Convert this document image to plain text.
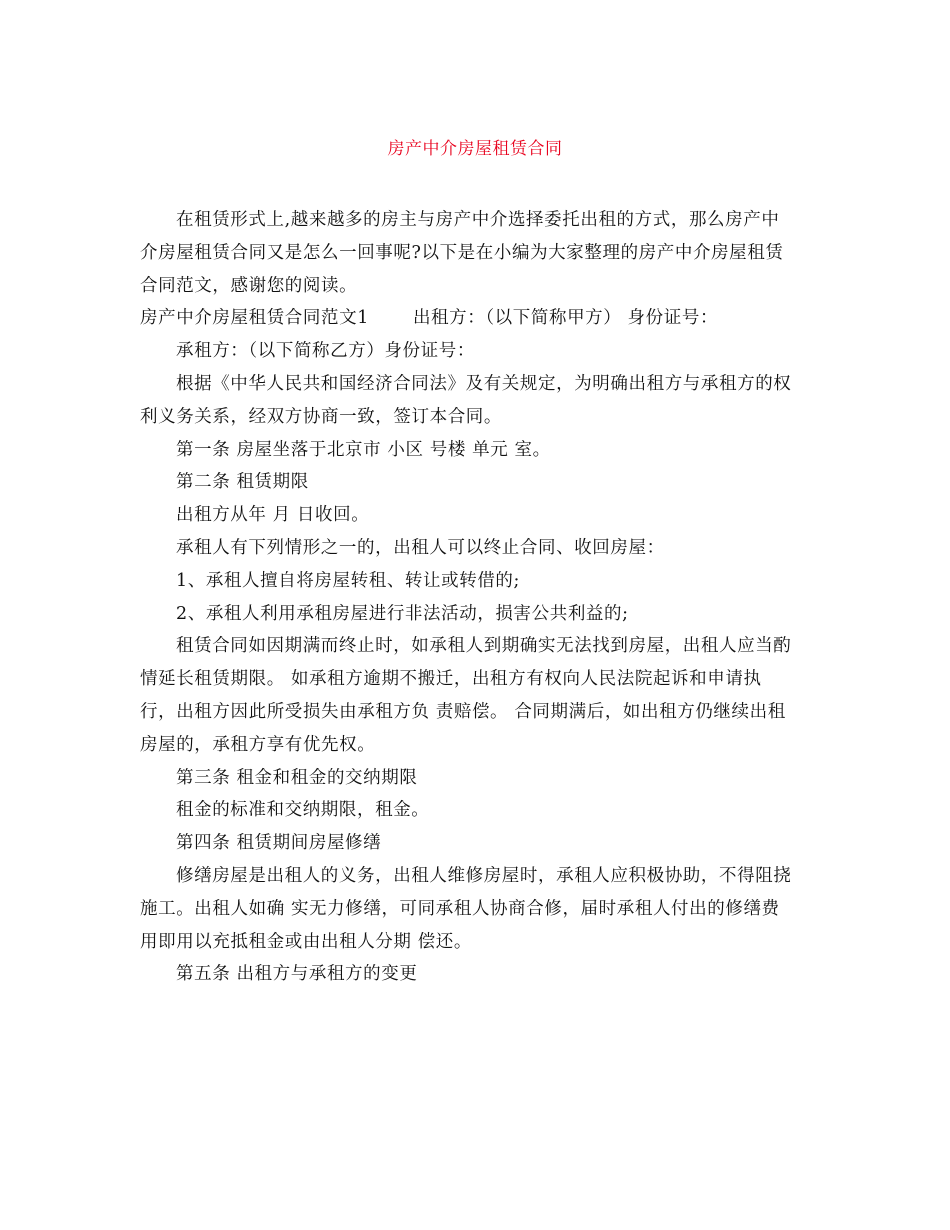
房产中介房屋租赁合同
在租赁形式上,越来越多的房主与房产中介选择委托出租的方式，那么房产中
介房屋租赁合同又是怎么一回事呢?以下是在小编为大家整理的房产中介房屋租赁
合同范文，感谢您的阅读。
房产中介房屋租赁合同范文1	出租方：（以下简称甲方） 身份证号：
承租方：（以下简称乙方）身份证号：
根据《中华人民共和国经济合同法》及有关规定，为明确出租方与承租方的权
利义务关系，经双方协商一致，签订本合同。
第一条 房屋坐落于北京市 小区 号楼 单元 室。
第二条 租赁期限
出租方从年 月 日收回。
承租人有下列情形之一的，出租人可以终止合同、收回房屋：
1、承租人擅自将房屋转租、转让或转借的;
2、承租人利用承租房屋进行非法活动，损害公共利益的;
租赁合同如因期满而终止时，如承租人到期确实无法找到房屋，出租人应当酌
情延长租赁期限。 如承租方逾期不搬迁，出租方有权向人民法院起诉和申请执
行，出租方因此所受损失由承租方负 责赔偿。 合同期满后，如出租方仍继续出租
房屋的，承租方享有优先权。
第三条 租金和租金的交纳期限
租金的标准和交纳期限，租金。
第四条 租赁期间房屋修缮
修缮房屋是出租人的义务，出租人维修房屋时，承租人应积极协助，不得阻挠
施工。出租人如确 实无力修缮，可同承租人协商合修，届时承租人付出的修缮费
用即用以充抵租金或由出租人分期 偿还。
第五条 出租方与承租方的变更
